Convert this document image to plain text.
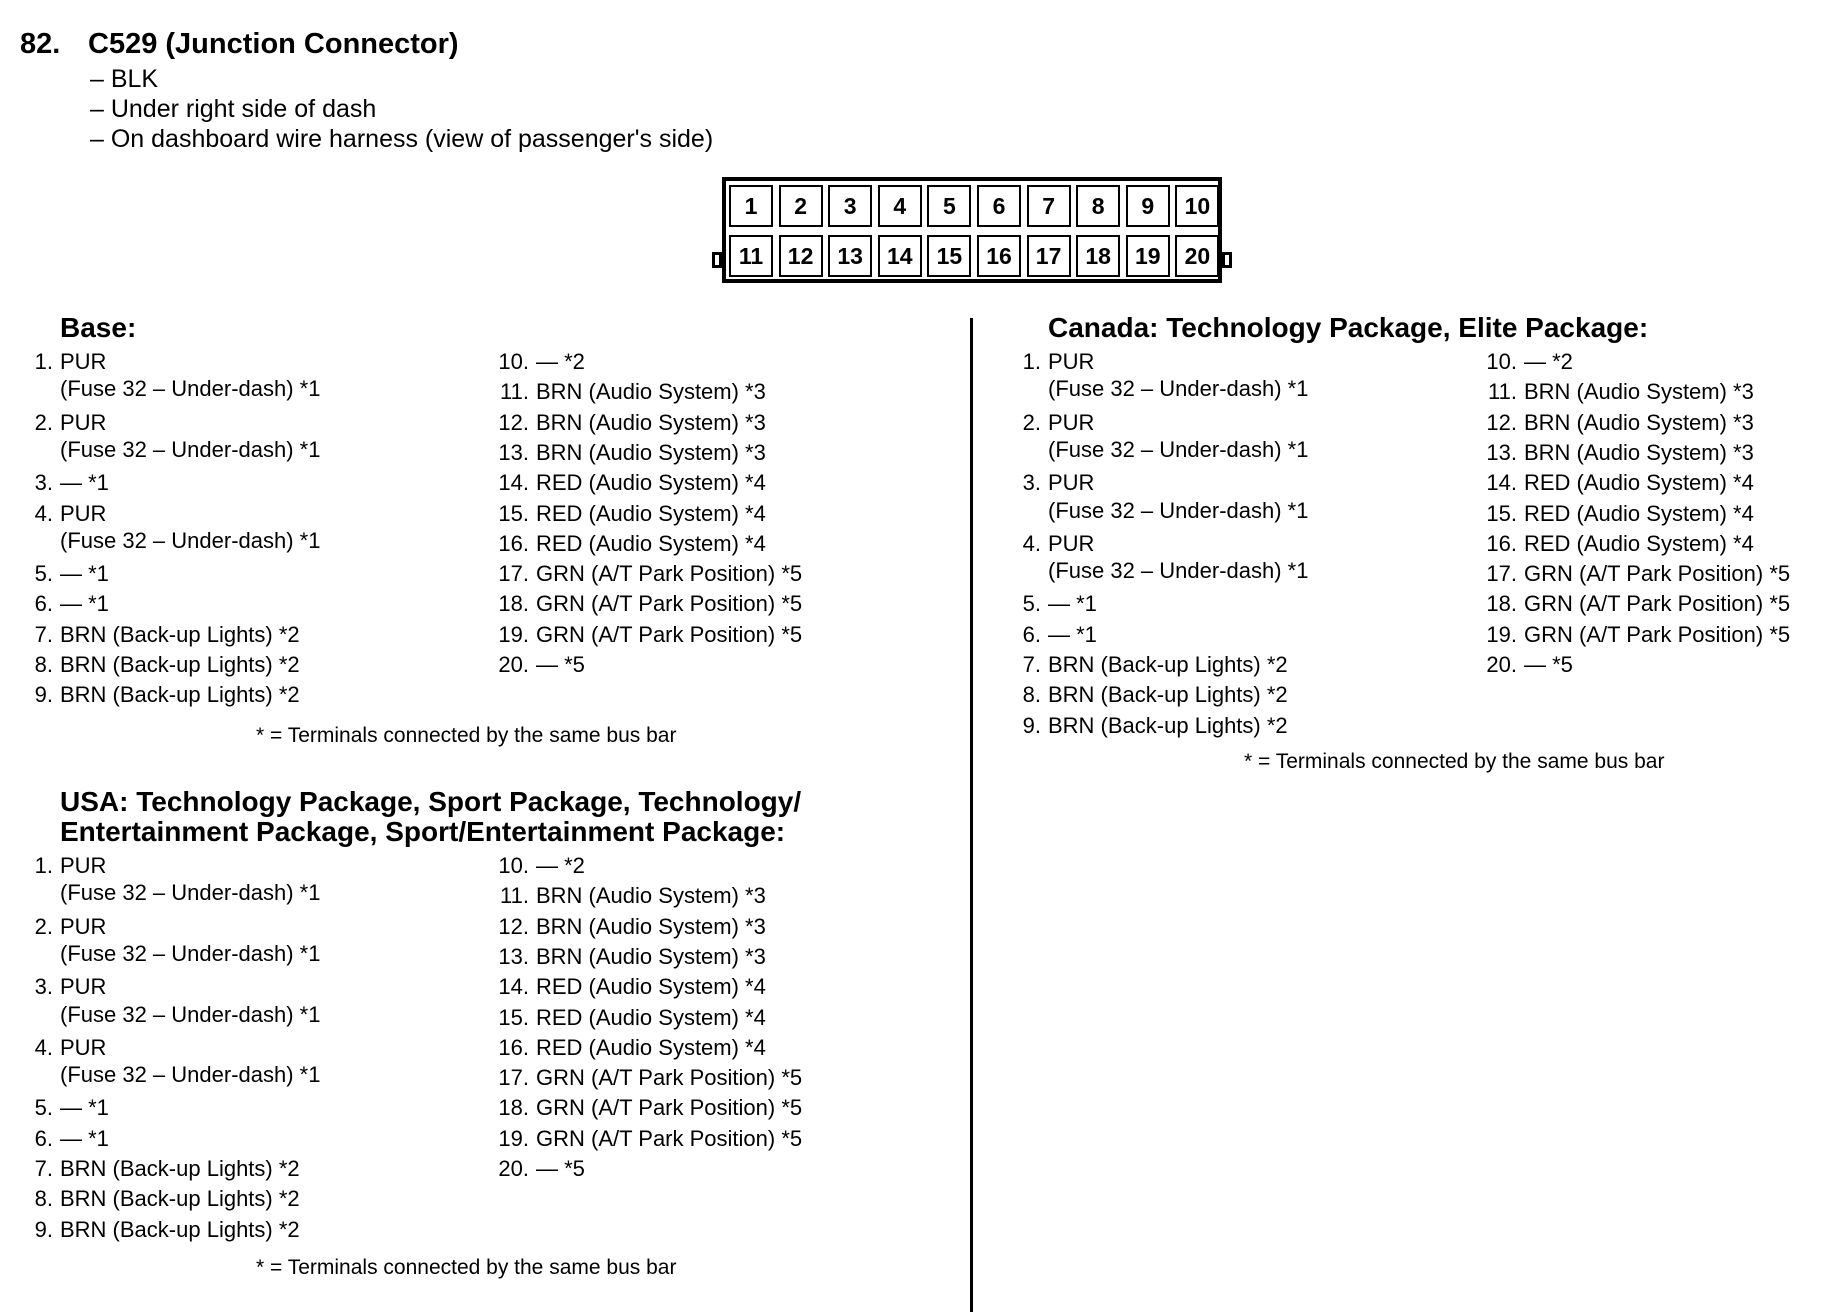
82. C529 (Junction Connector)
– BLK
– Under right side of dash
– On dashboard wire harness (view of passenger's side)
1	2	3	4	5	6	7	8	9	10
11	12	13	14	15	16	17	18	19	20
Base:
USA: Technology Package, Sport Package, Technology/
Entertainment Package, Sport/Entertainment Package:
Canada: Technology Package, Elite Package:
1. PUR
(Fuse 32 – Under-dash) *1
2. PUR
(Fuse 32 – Under-dash) *1
3. — *1
4. PUR
(Fuse 32 – Under-dash) *1
5. — *1
6. — *1
7. BRN (Back-up Lights) *2
8. BRN (Back-up Lights) *2
9. BRN (Back-up Lights) *2
10. — *2
11. BRN (Audio System) *3
12. BRN (Audio System) *3
13. BRN (Audio System) *3
14. RED (Audio System) *4
15. RED (Audio System) *4
16. RED (Audio System) *4
17. GRN (A/T Park Position) *5
18. GRN (A/T Park Position) *5
19. GRN (A/T Park Position) *5
20. — *5
1. PUR
(Fuse 32 – Under-dash) *1
2. PUR
(Fuse 32 – Under-dash) *1
3. PUR
(Fuse 32 – Under-dash) *1
4. PUR
(Fuse 32 – Under-dash) *1
5. — *1
6. — *1
7. BRN (Back-up Lights) *2
8. BRN (Back-up Lights) *2
9. BRN (Back-up Lights) *2
10. — *2
11. BRN (Audio System) *3
12. BRN (Audio System) *3
13. BRN (Audio System) *3
14. RED (Audio System) *4
15. RED (Audio System) *4
16. RED (Audio System) *4
17. GRN (A/T Park Position) *5
18. GRN (A/T Park Position) *5
19. GRN (A/T Park Position) *5
20. — *5
1. PUR
(Fuse 32 – Under-dash) *1
2. PUR
(Fuse 32 – Under-dash) *1
3. PUR
(Fuse 32 – Under-dash) *1
4. PUR
(Fuse 32 – Under-dash) *1
5. — *1
6. — *1
7. BRN (Back-up Lights) *2
8. BRN (Back-up Lights) *2
9. BRN (Back-up Lights) *2
10. — *2
11. BRN (Audio System) *3
12. BRN (Audio System) *3
13. BRN (Audio System) *3
14. RED (Audio System) *4
15. RED (Audio System) *4
16. RED (Audio System) *4
17. GRN (A/T Park Position) *5
18. GRN (A/T Park Position) *5
19. GRN (A/T Park Position) *5
20. — *5
* = Terminals connected by the same bus bar
* = Terminals connected by the same bus bar
* = Terminals connected by the same bus bar
